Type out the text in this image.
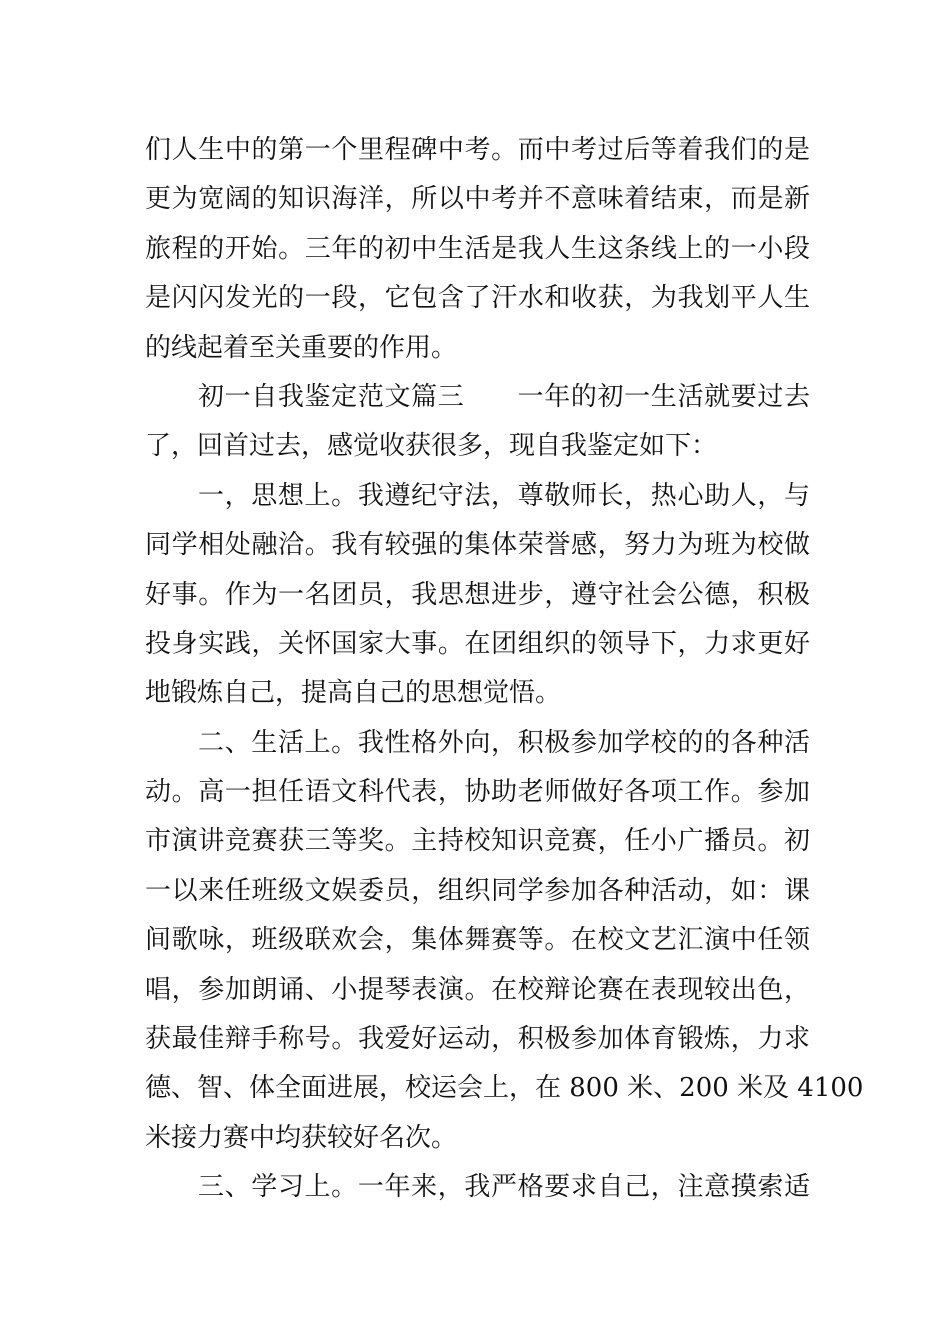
们人生中的第一个里程碑中考。而中考过后等着我们的是
更为宽阔的知识海洋，所以中考并不意味着结束，而是新
旅程的开始。三年的初中生活是我人生这条线上的一小段
是闪闪发光的一段，它包含了汗水和收获，为我划平人生
的线起着至关重要的作用。
初一自我鉴定范文篇三　　一年的初一生活就要过去
了，回首过去，感觉收获很多，现自我鉴定如下：
一，思想上。我遵纪守法，尊敬师长，热心助人，与
同学相处融洽。我有较强的集体荣誉感，努力为班为校做
好事。作为一名团员，我思想进步，遵守社会公德，积极
投身实践，关怀国家大事。在团组织的领导下，力求更好
地锻炼自己，提高自己的思想觉悟。
二、生活上。我性格外向，积极参加学校的的各种活
动。高一担任语文科代表，协助老师做好各项工作。参加
市演讲竞赛获三等奖。主持校知识竞赛，任小广播员。初
一以来任班级文娱委员，组织同学参加各种活动，如：课
间歌咏，班级联欢会，集体舞赛等。在校文艺汇演中任领
唱，参加朗诵、小提琴表演。在校辩论赛在表现较出色，
获最佳辩手称号。我爱好运动，积极参加体育锻炼，力求
德、智、体全面进展，校运会上，在 800 米、200 米及 4100
米接力赛中均获较好名次。
三、学习上。一年来，我严格要求自己，注意摸索适
